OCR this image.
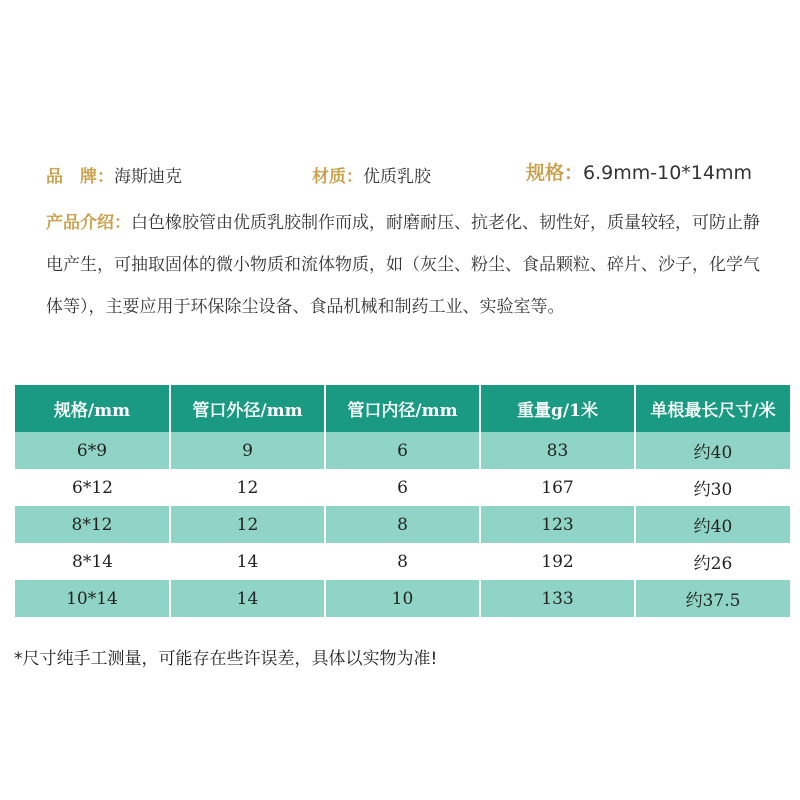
品　牌：海斯迪克	材质：优质乳胶	规格：6.9mm-10*14mm
产品介绍：白色橡胶管由优质乳胶制作而成，耐磨耐压、抗老化、韧性好，质量较轻，可防止静电产生，可抽取固体的微小物质和流体物质，如（灰尘、粉尘、食品颗粒、碎片、沙子，化学气体等），主要应用于环保除尘设备、食品机械和制药工业、实验室等。
规格/mm	管口外径/mm	管口内径/mm	重量g/1米	单根最长尺寸/米
6*9	9	6	83	约40
6*12	12	6	167	约30
8*12	12	8	123	约40
8*14	14	8	192	约26
10*14	14	10	133	约37.5
*尺寸纯手工测量，可能存在些许误差，具体以实物为准!
